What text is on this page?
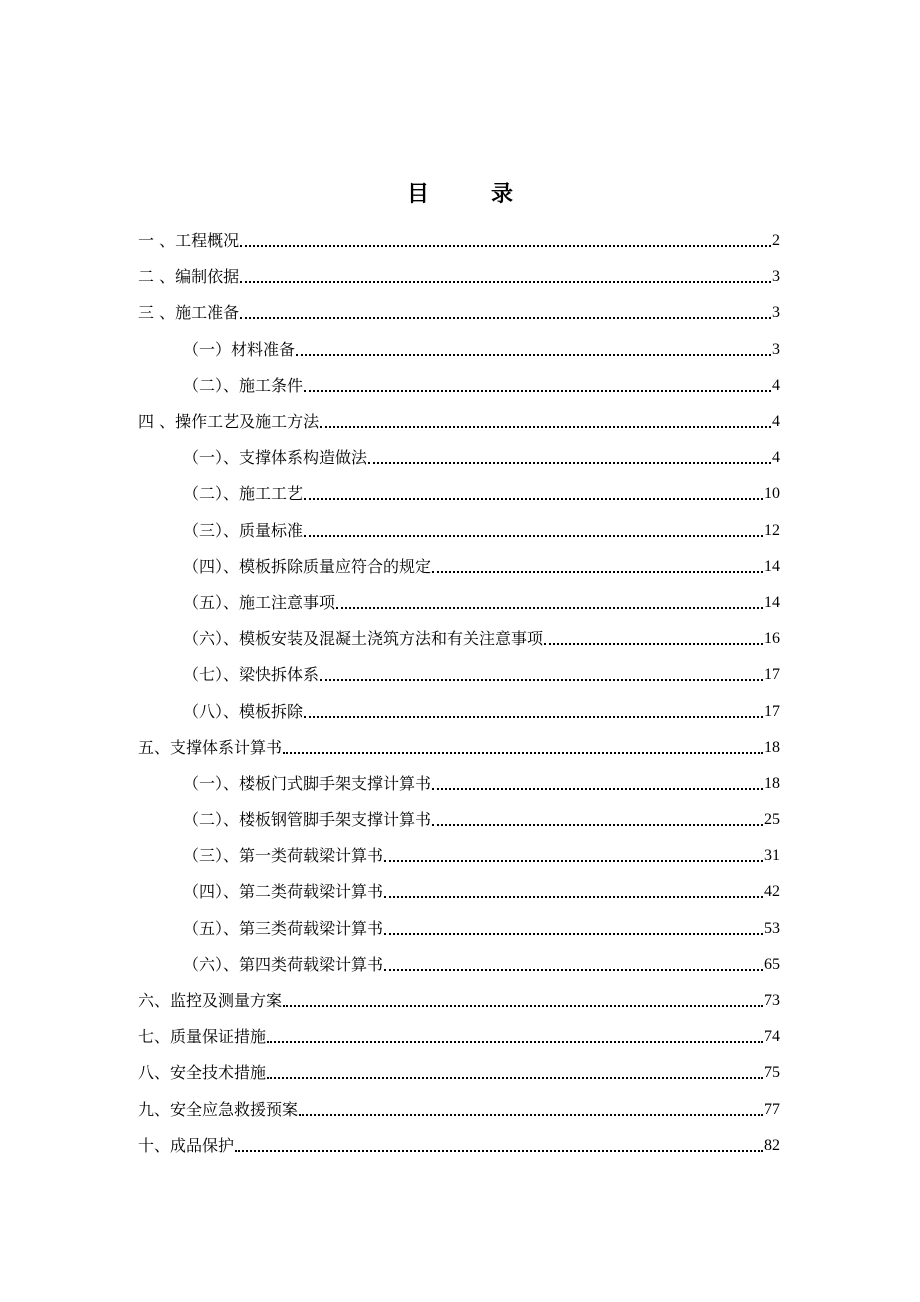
目录
一 、工程概况	2
二 、编制依据	3
三 、施工准备	3
（一）材料准备	3
（二）、施工条件	4
四 、操作工艺及施工方法	4
（一）、支撑体系构造做法	4
（二）、施工工艺	10
（三）、质量标准	12
（四）、模板拆除质量应符合的规定	14
（五）、施工注意事项	14
（六）、模板安装及混凝土浇筑方法和有关注意事项	16
（七）、梁快拆体系	17
（八）、模板拆除	17
五、支撑体系计算书	18
（一）、楼板门式脚手架支撑计算书	18
（二）、楼板钢管脚手架支撑计算书	25
（三）、第一类荷载梁计算书	31
（四）、第二类荷载梁计算书	42
（五）、第三类荷载梁计算书	53
（六）、第四类荷载梁计算书	65
六、监控及测量方案	73
七、质量保证措施	74
八、安全技术措施	75
九、安全应急救援预案	77
十、成品保护	82
